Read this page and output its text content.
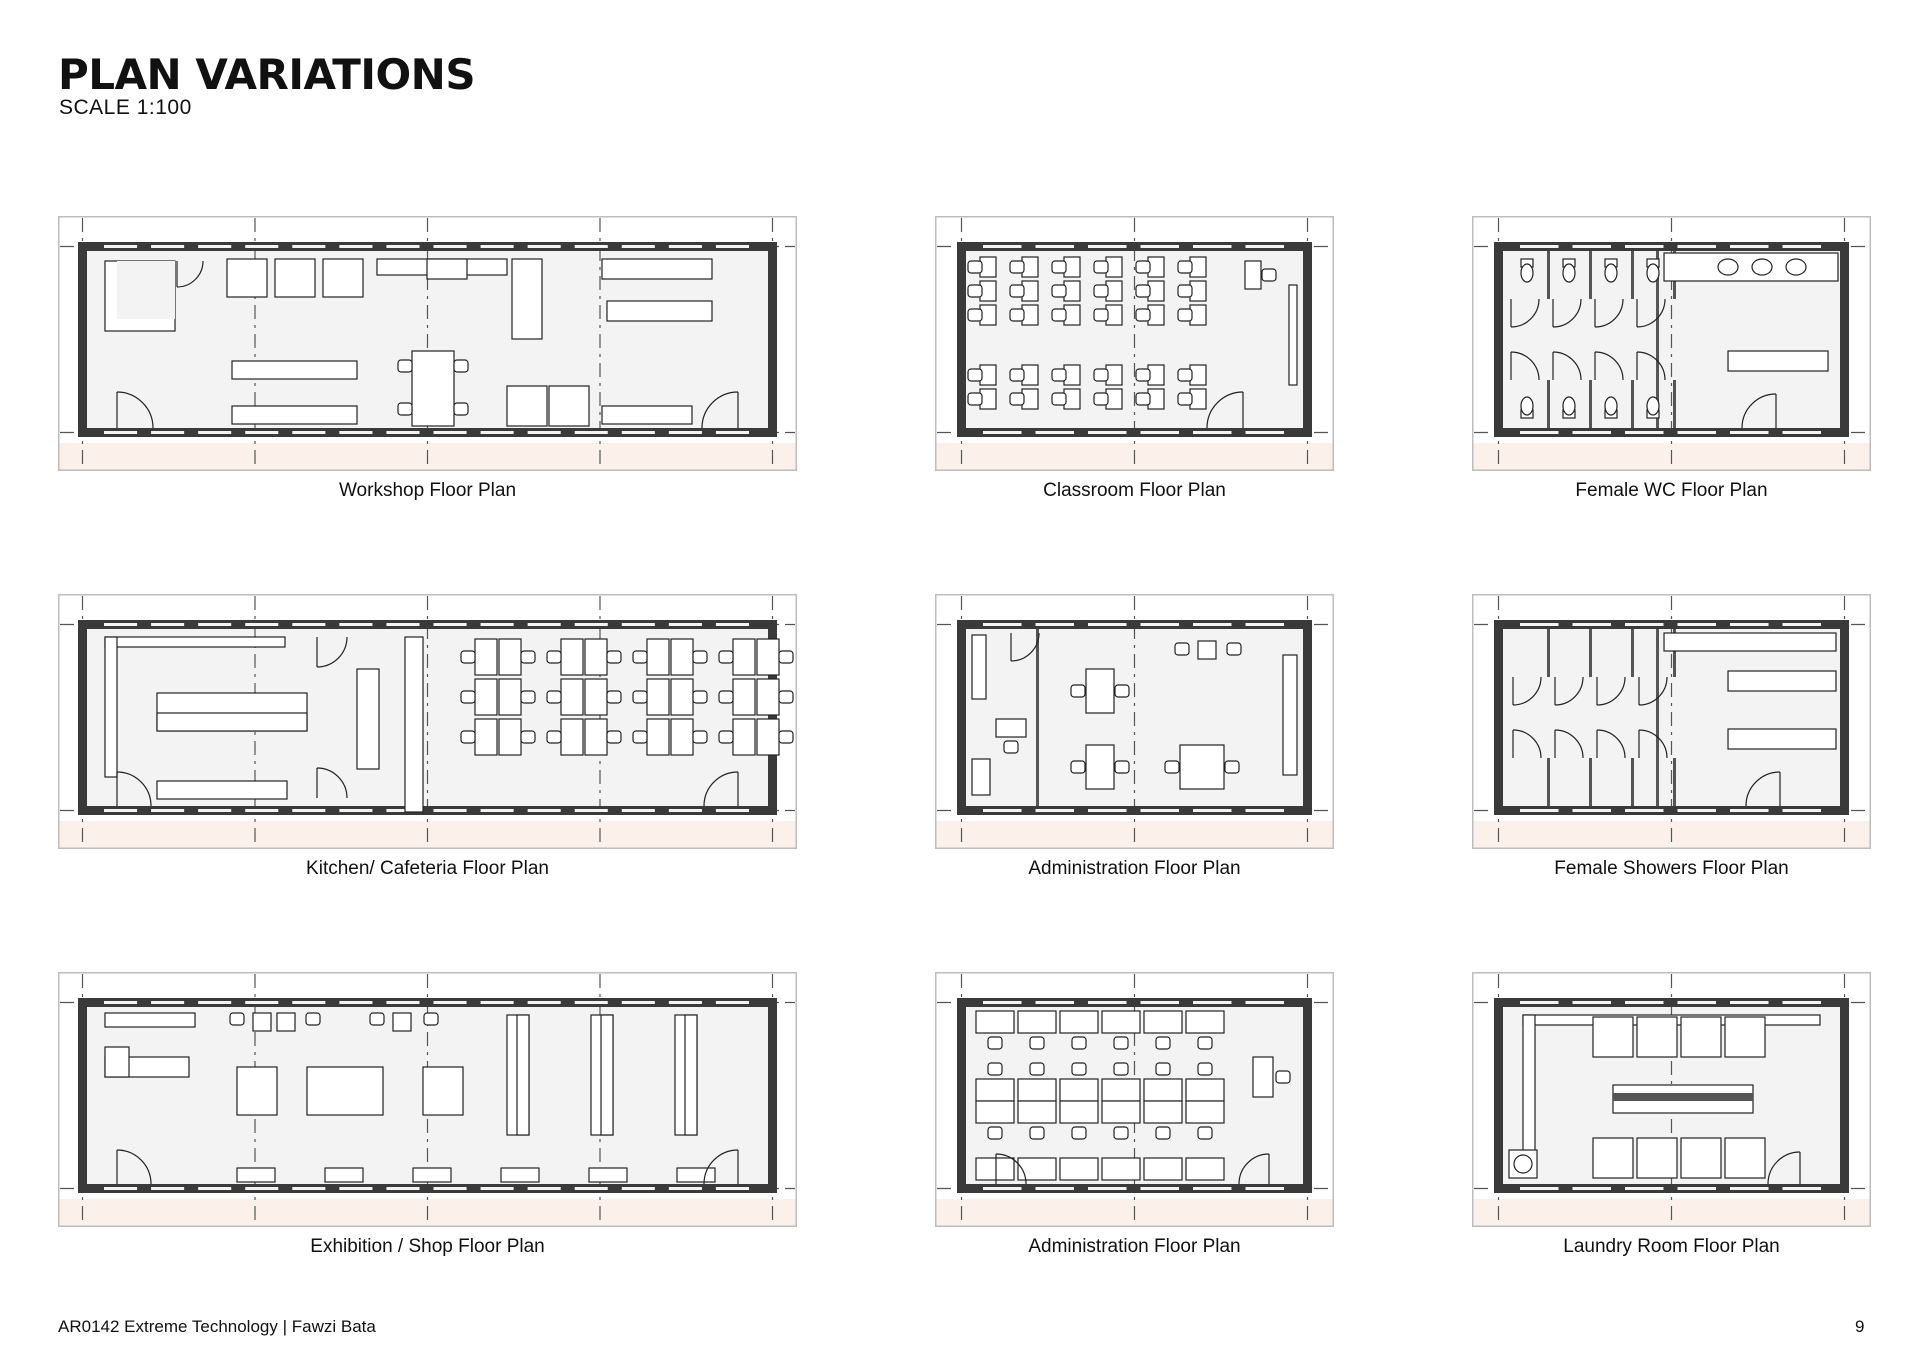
PLAN VARIATIONS
SCALE 1:100
Workshop Floor Plan	Classroom Floor Plan	Female WC Floor Plan
Kitchen/ Cafeteria Floor Plan	Administration Floor Plan	Female Showers Floor Plan
Exhibition / Shop Floor Plan	Administration Floor Plan	Laundry Room Floor Plan
AR0142 Extreme Technology | Fawzi Bata	9
